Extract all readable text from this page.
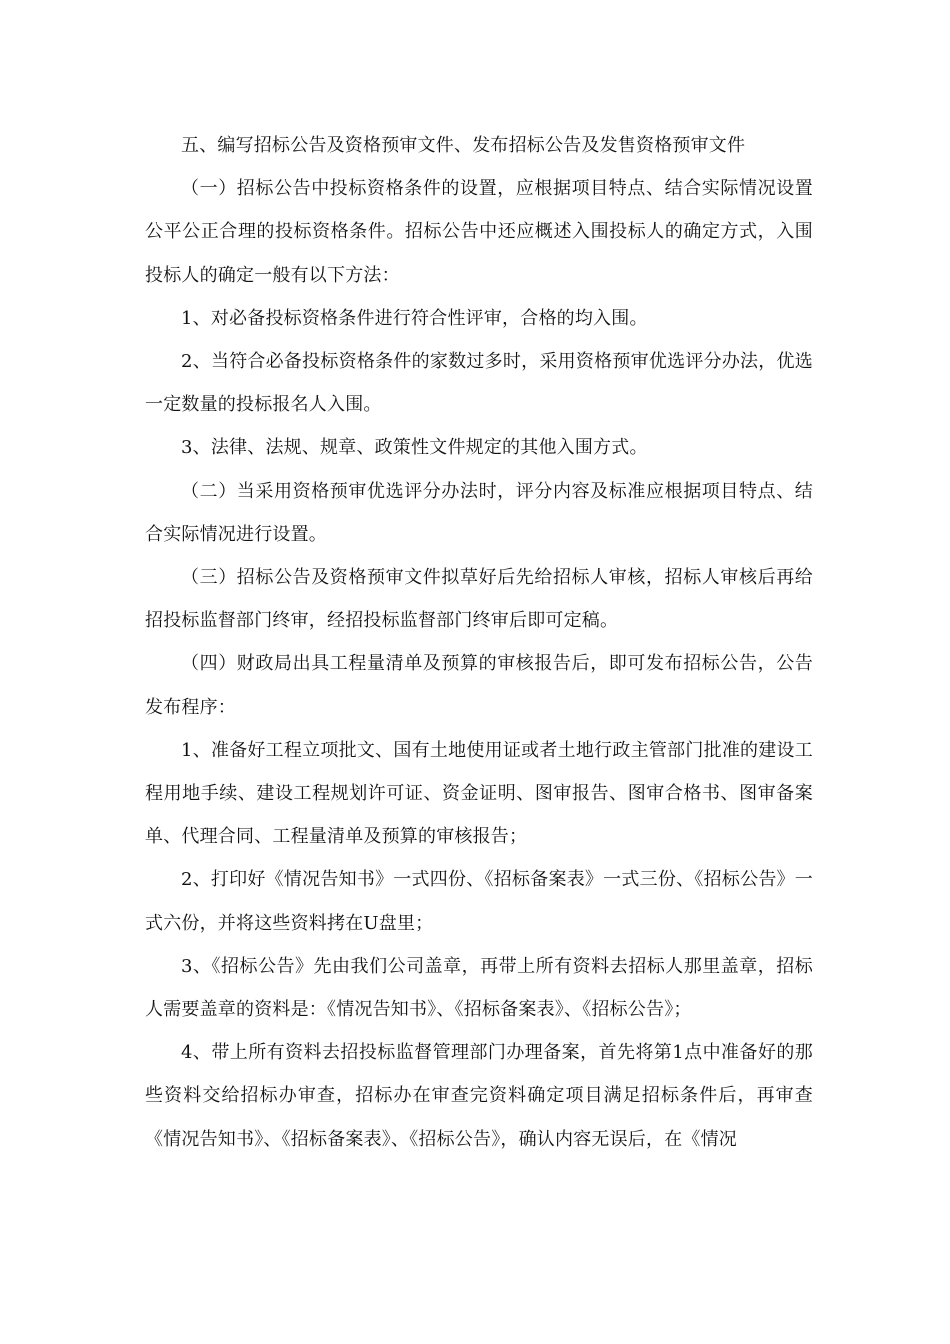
五、编写招标公告及资格预审文件、发布招标公告及发售资格预审文件

（一）招标公告中投标资格条件的设置，应根据项目特点、结合实际情况设置公平公正合理的投标资格条件。招标公告中还应概述入围投标人的确定方式，入围投标人的确定一般有以下方法：

1、对必备投标资格条件进行符合性评审，合格的均入围。

2、当符合必备投标资格条件的家数过多时，采用资格预审优选评分办法，优选一定数量的投标报名人入围。

3、法律、法规、规章、政策性文件规定的其他入围方式。

（二）当采用资格预审优选评分办法时，评分内容及标准应根据项目特点、结合实际情况进行设置。

（三）招标公告及资格预审文件拟草好后先给招标人审核，招标人审核后再给招投标监督部门终审，经招投标监督部门终审后即可定稿。

（四）财政局出具工程量清单及预算的审核报告后，即可发布招标公告，公告发布程序：

1、准备好工程立项批文、国有土地使用证或者土地行政主管部门批准的建设工程用地手续、建设工程规划许可证、资金证明、图审报告、图审合格书、图审备案单、代理合同、工程量清单及预算的审核报告；

2、打印好《情况告知书》一式四份、《招标备案表》一式三份、《招标公告》一式六份，并将这些资料拷在U盘里；

3、《招标公告》先由我们公司盖章，再带上所有资料去招标人那里盖章，招标人需要盖章的资料是：《情况告知书》、《招标备案表》、《招标公告》；

4、带上所有资料去招投标监督管理部门办理备案，首先将第1点中准备好的那些资料交给招标办审查，招标办在审查完资料确定项目满足招标条件后，再审查《情况告知书》、《招标备案表》、《招标公告》，确认内容无误后，在《情况
